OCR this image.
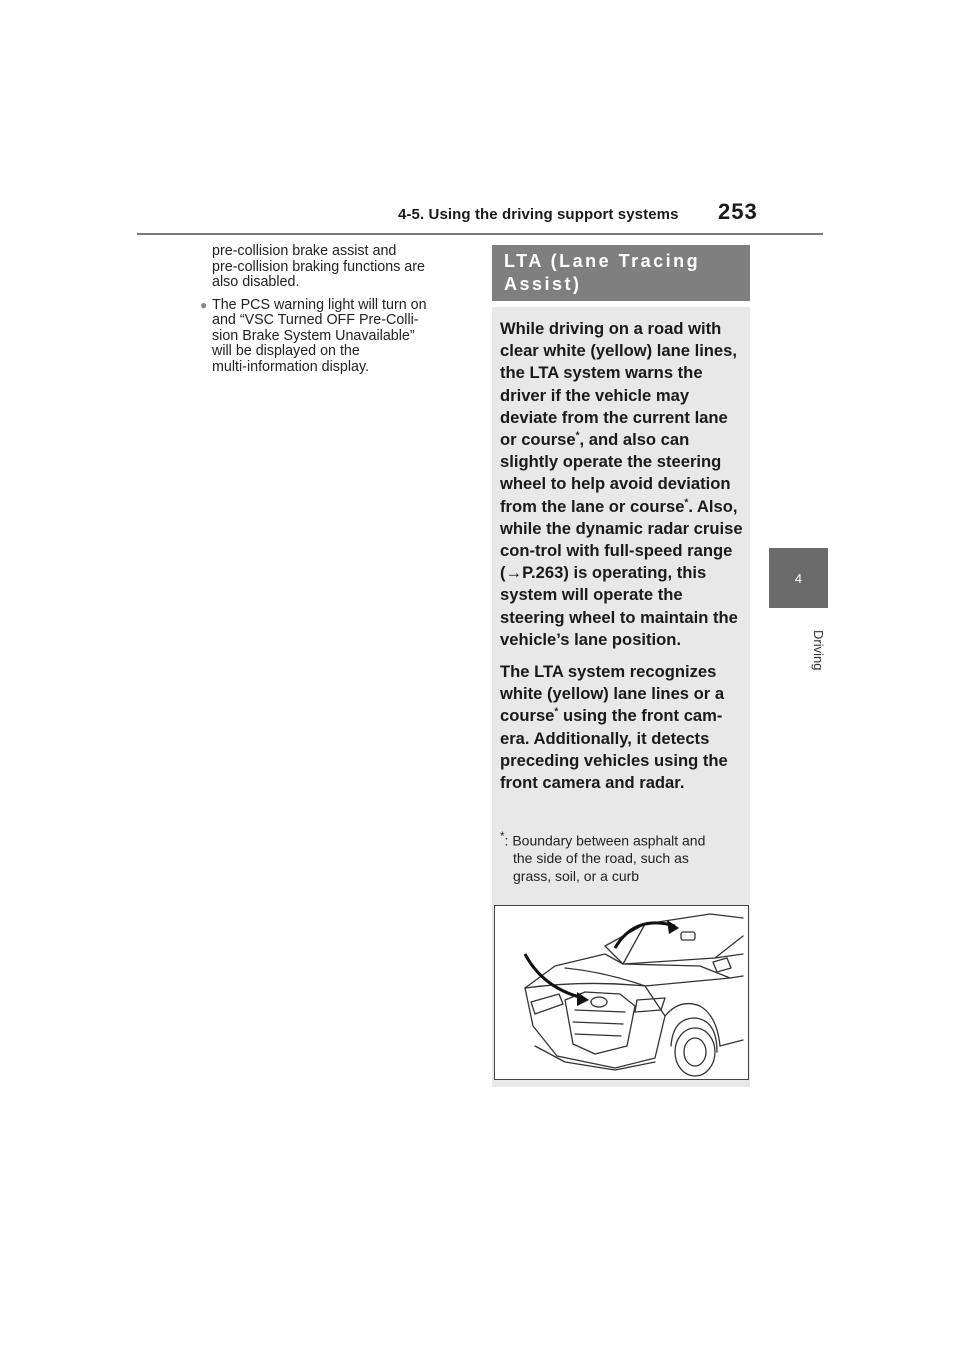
4-5. Using the driving support systems 253
4
Driving

pre-collision brake assist and

pre-collision braking functions are

also disabled.

● The PCS warning light will turn on

and “VSC Turned OFF Pre-Colli-

sion Brake System Unavailable”

will be displayed on the

multi-information display.

LTA (Lane Tracing
Assist)

While driving on a road with clear white (yellow) lane lines, the LTA system warns the driver if the vehicle may deviate from the current lane or course*, and also can slightly operate the steering wheel to help avoid deviation from the lane or course*. Also, while the dynamic radar cruise con-trol with full-speed range (→P.263) is operating, this system will operate the steering wheel to maintain the vehicle’s lane position.

The LTA system recognizes white (yellow) lane lines or a course* using the front cam-era. Additionally, it detects preceding vehicles using the front camera and radar.

*: Boundary between asphalt and
the side of the road, such as
grass, soil, or a curb
